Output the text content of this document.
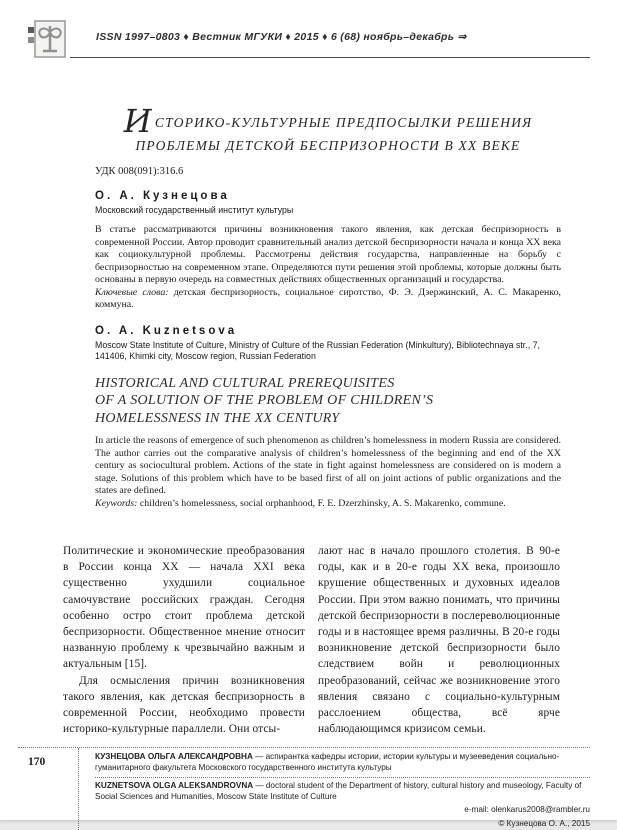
ISSN 1997–0803 ♦ Вестник МГУКИ ♦ 2015 ♦ 6 (68) ноябрь–декабрь ⇒
ИСТОРИКО-КУЛЬТУРНЫЕ ПРЕДПОСЫЛКИ РЕШЕНИЯ
ПРОБЛЕМЫ ДЕТСКОЙ БЕСПРИЗОРНОСТИ В XX ВЕКЕ
УДК 008(091):316.6
О. А. Кузнецова
Московский государственный институт культуры

В статье рассматриваются причины возникновения такого явления, как детская беспризорность в современной России. Автор проводит сравнительный анализ детской беспризорности начала и конца XX века как социокультурной проблемы. Рассмотрены действия государства, направленные на борьбу с беспризорностью на современном этапе. Определяются пути решения этой проблемы, которые должны быть основаны в первую очередь на совместных действиях общественных организаций и государства.

Ключевые слова: детская беспризорность, социальное сиротство, Ф. Э. Дзержинский, А. С. Макаренко, коммуна.

O. A. Kuznetsova
Moscow State Institute of Culture, Ministry of Culture of the Russian Federation (Minkultury), Bibliotechnaya str., 7, 141406, Khimki city, Moscow region, Russian Federation
HISTORICAL AND CULTURAL PREREQUISITES
OF A SOLUTION OF THE PROBLEM OF CHILDREN’S
HOMELESSNESS IN THE XX CENTURY

In article the reasons of emergence of such phenomenon as children’s homelessness in modern Russia are considered. The author carries out the comparative analysis of children’s homelessness of the beginning and end of the XX century as sociocultural problem. Actions of the state in fight against homelessness are considered on is modern a stage. Solutions of this problem which have to be based first of all on joint actions of public organizations and the states are defined.

Keywords: children’s homelessness, social orphanhood, F. E. Dzerzhinsky, A. S. Makarenko, commune.

Политические и экономические преобразования в России конца XX — начала XXI века существенно ухудшили социальное самочувствие российских граждан. Сегодня особенно остро стоит проблема детской беспризорности. Общественное мнение относит названную проблему к чрезвычайно важным и актуальным [15].

Для осмысления причин возникновения такого явления, как детская беспризорность в современной России, необходимо провести историко-культурные параллели. Они отсы-

лают нас в начало прошлого столетия. В 90-е годы, как и в 20-е годы XX века, произошло крушение общественных и духовных идеалов России. При этом важно понимать, что причины детской беспризорности в послереволюционные годы и в настоящее время различны. В 20-е годы возникновение детской беспризорности было следствием войн и революционных преобразований, сейчас же возникновение этого явления связано с социально-культурным расслоением общества, всё ярче наблюдающимся кризисом семьи.

170	КУЗНЕЦОВА ОЛЬГА АЛЕКСАНДРОВНА — аспирантка кафедры истории, истории культуры и музееведения социально-гуманитарного факультета Московского государственного института культуры

KUZNETSOVA OLGA ALEKSANDROVNA — doctoral student of the Department of history, cultural history and museology, Faculty of Social Sciences and Humanities, Moscow State Institute of Culture

e-mail: olenkarus2008@rambler.ru

© Кузнецова О. А., 2015
